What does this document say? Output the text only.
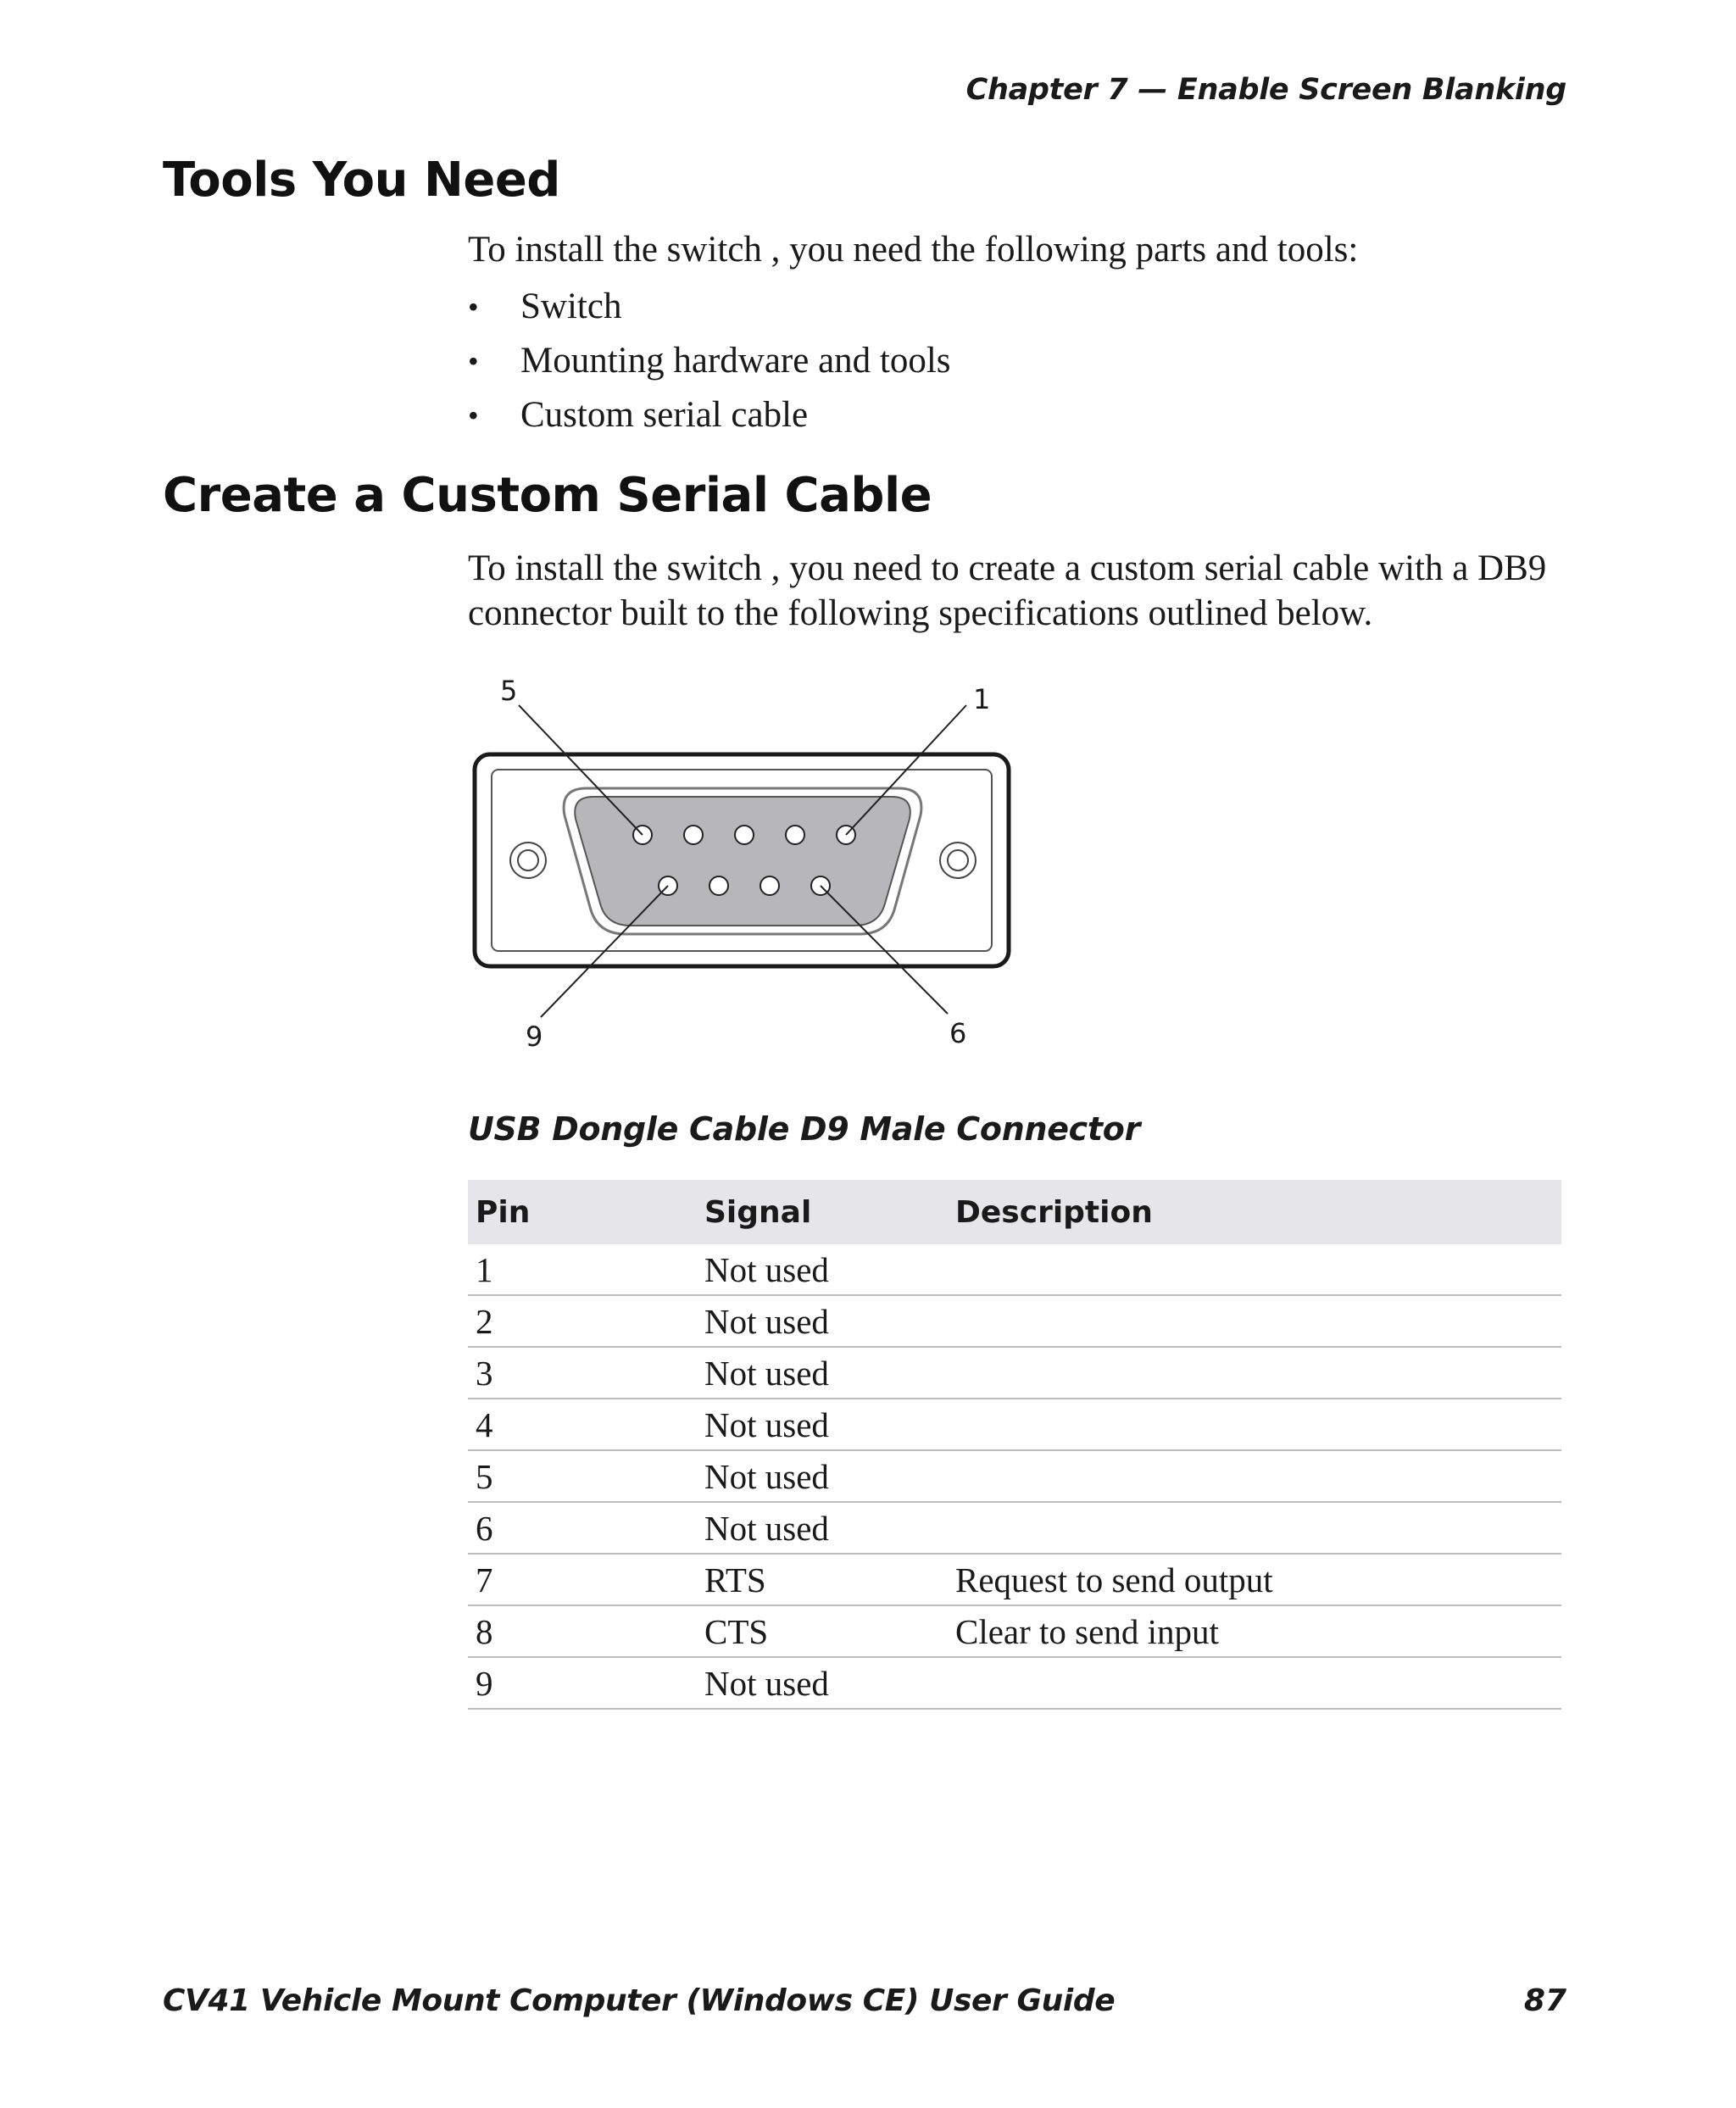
Chapter 7 — Enable Screen Blanking
Tools You Need

To install the switch , you need the following parts and tools:

• Switch
• Mounting hardware and tools
• Custom serial cable
Create a Custom Serial Cable

To install the switch , you need to create a custom serial cable with a DB9 connector built to the following specifications outlined below.

5	1
9	6

USB Dongle Cable D9 Male Connector

Pin	Signal	Description
1	Not used	
2	Not used	
3	Not used	
4	Not used	
5	Not used	
6	Not used	
7	RTS	Request to send output
8	CTS	Clear to send input
9	Not used	
CV41 Vehicle Mount Computer (Windows CE) User Guide	87
